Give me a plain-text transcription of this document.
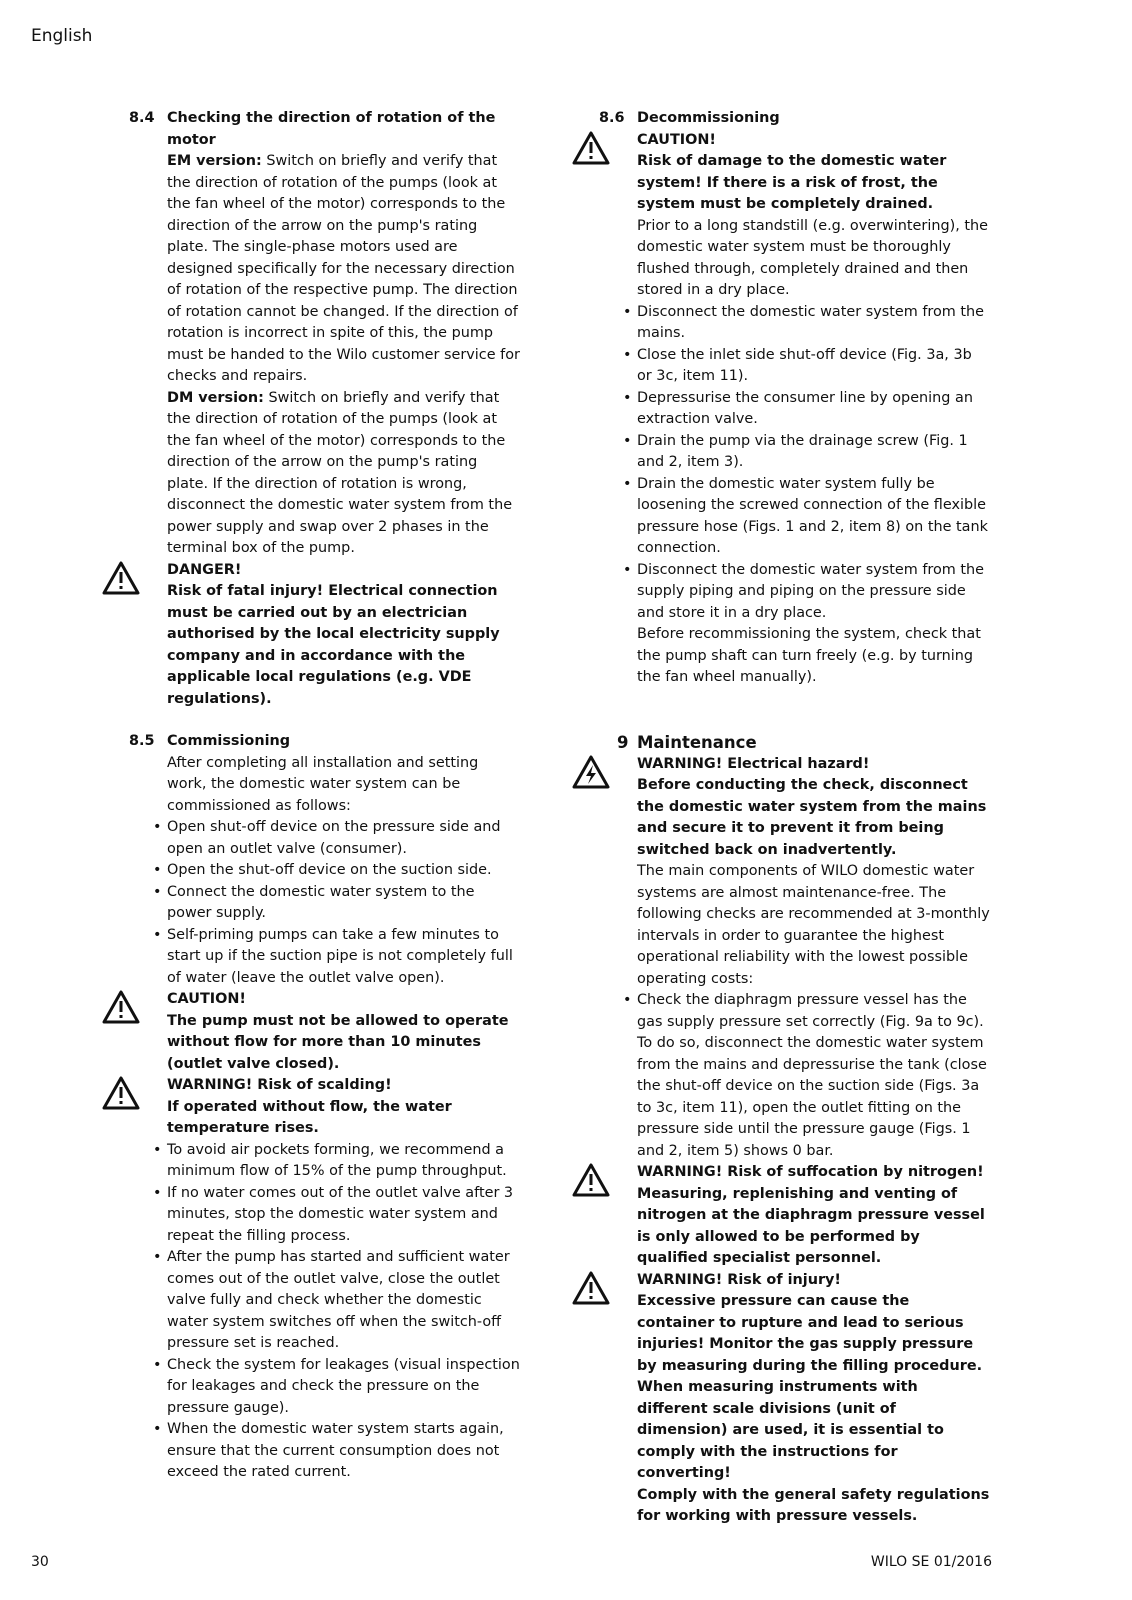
English
8.4 Checking the direction of rotation of the motor

EM version: Switch on briefly and verify that the direction of rotation of the pumps (look at the fan wheel of the motor) corresponds to the direction of the arrow on the pump's rating plate. The single-phase motors used are designed specifically for the necessary direction of rotation of the respective pump. The direction of rotation cannot be changed. If the direction of rotation is incorrect in spite of this, the pump must be handed to the Wilo customer service for checks and repairs.

DM version: Switch on briefly and verify that the direction of rotation of the pumps (look at the fan wheel of the motor) corresponds to the direction of the arrow on the pump's rating plate. If the direction of rotation is wrong, disconnect the domestic water system from the power supply and swap over 2 phases in the terminal box of the pump.

DANGER!

Risk of fatal injury! Electrical connection must be carried out by an electrician authorised by the local electricity supply company and in accordance with the applicable local regulations (e.g. VDE regulations).

8.5 Commissioning

After completing all installation and setting work, the domestic water system can be commissioned as follows:

• Open shut-off device on the pressure side and open an outlet valve (consumer).
• Open the shut-off device on the suction side.
• Connect the domestic water system to the power supply.
• Self-priming pumps can take a few minutes to start up if the suction pipe is not completely full of water (leave the outlet valve open).

CAUTION!

The pump must not be allowed to operate without flow for more than 10 minutes (outlet valve closed).

WARNING! Risk of scalding!

If operated without flow, the water temperature rises.

• To avoid air pockets forming, we recommend a minimum flow of 15% of the pump throughput.
• If no water comes out of the outlet valve after 3 minutes, stop the domestic water system and repeat the filling process.
• After the pump has started and sufficient water comes out of the outlet valve, close the outlet valve fully and check whether the domestic water system switches off when the switch-off pressure set is reached.
• Check the system for leakages (visual inspection for leakages and check the pressure on the pressure gauge).
• When the domestic water system starts again, ensure that the current consumption does not exceed the rated current.
8.6 Decommissioning

CAUTION!

Risk of damage to the domestic water system! If there is a risk of frost, the system must be completely drained.

Prior to a long standstill (e.g. overwintering), the domestic water system must be thoroughly flushed through, completely drained and then stored in a dry place.

• Disconnect the domestic water system from the mains.
• Close the inlet side shut-off device (Fig. 3a, 3b or 3c, item 11).
• Depressurise the consumer line by opening an extraction valve.
• Drain the pump via the drainage screw (Fig. 1 and 2, item 3).
• Drain the domestic water system fully be loosening the screwed connection of the flexible pressure hose (Figs. 1 and 2, item 8) on the tank connection.
• Disconnect the domestic water system from the supply piping and piping on the pressure side and store it in a dry place.

Before recommissioning the system, check that the pump shaft can turn freely (e.g. by turning the fan wheel manually).

9 Maintenance

WARNING! Electrical hazard!

Before conducting the check, disconnect the domestic water system from the mains and secure it to prevent it from being switched back on inadvertently.

The main components of WILO domestic water systems are almost maintenance-free. The following checks are recommended at 3-monthly intervals in order to guarantee the highest operational reliability with the lowest possible operating costs:

• Check the diaphragm pressure vessel has the gas supply pressure set correctly (Fig. 9a to 9c). To do so, disconnect the domestic water system from the mains and depressurise the tank (close the shut-off device on the suction side (Figs. 3a to 3c, item 11), open the outlet fitting on the pressure side until the pressure gauge (Figs. 1 and 2, item 5) shows 0 bar.

WARNING! Risk of suffocation by nitrogen!

Measuring, replenishing and venting of nitrogen at the diaphragm pressure vessel is only allowed to be performed by qualified specialist personnel.

WARNING! Risk of injury!

Excessive pressure can cause the container to rupture and lead to serious injuries! Monitor the gas supply pressure by measuring during the filling procedure. When measuring instruments with different scale divisions (unit of dimension) are used, it is essential to comply with the instructions for converting!

Comply with the general safety regulations for working with pressure vessels.

30	WILO SE 01/2016
